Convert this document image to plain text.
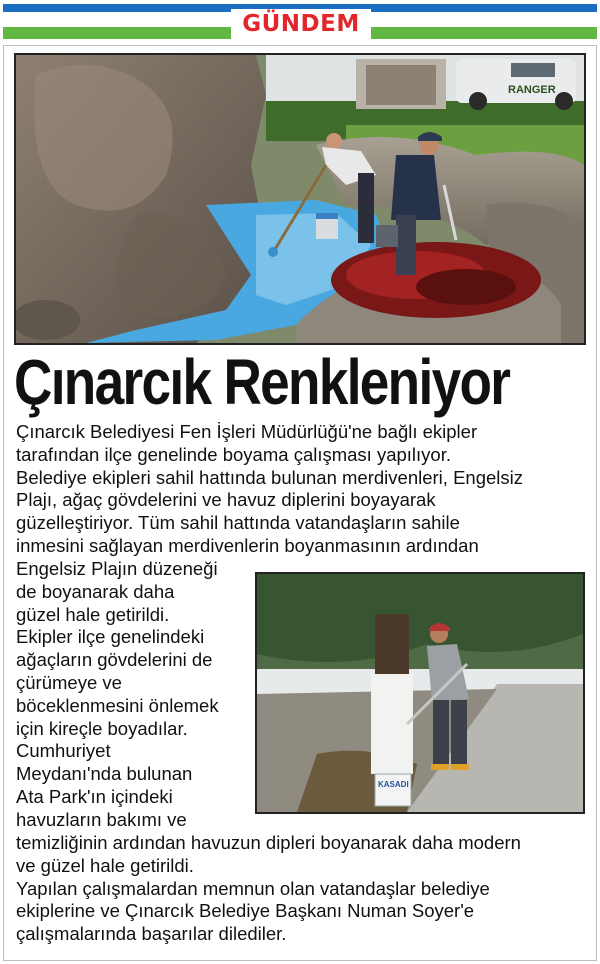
GÜNDEM
RANGER
Çınarcık Renkleniyor
Çınarcık Belediyesi Fen İşleri Müdürlüğü'ne bağlı ekipler
tarafından ilçe genelinde boyama çalışması yapılıyor.
Belediye ekipleri sahil hattında bulunan merdivenleri, Engelsiz
Plajı, ağaç gövdelerini ve havuz diplerini boyayarak
güzelleştiriyor. Tüm sahil hattında vatandaşların sahile
inmesini sağlayan merdivenlerin boyanmasının ardından
Engelsiz Plajın düzeneği
de boyanarak daha
güzel hale getirildi.
Ekipler ilçe genelindeki
ağaçların gövdelerini de
çürümeye ve
böceklenmesini önlemek
için kireçle boyadılar.
Cumhuriyet
Meydanı'nda bulunan
Ata Park'ın içindeki
havuzların bakımı ve
KASADI
temizliğinin ardından havuzun dipleri boyanarak daha modern
ve güzel hale getirildi.
Yapılan çalışmalardan memnun olan vatandaşlar belediye
ekiplerine ve Çınarcık Belediye Başkanı Numan Soyer'e
çalışmalarında başarılar dilediler.
